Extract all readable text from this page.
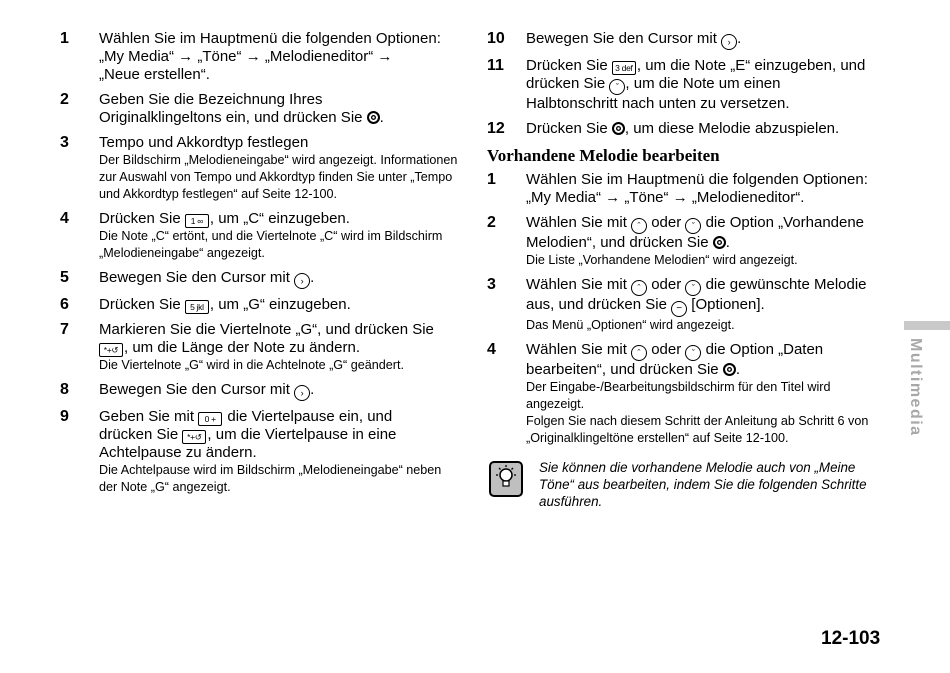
1 Wählen Sie im Hauptmenü die folgenden Optionen:
„My Media“ → „Töne“ → „Melodieneditor“ →
„Neue erstellen“.
2 Geben Sie die Bezeichnung Ihres
Originalklingeltons ein, und drücken Sie .
3 Tempo und Akkordtyp festlegen
Der Bildschirm „Melodieneingabe“ wird angezeigt. Informationen zur Auswahl von Tempo und Akkordtyp finden Sie unter „Tempo und Akkordtyp festlegen“ auf Seite 12-100.
4 Drücken Sie 1 ∞ , um „C“ einzugeben.
Die Note „C“ ertönt, und die Viertelnote „C“ wird im Bildschirm „Melodieneingabe“ angezeigt.
5 Bewegen Sie den Cursor mit › .
6 Drücken Sie 5 jkl , um „G“ einzugeben.
7 Markieren Sie die Viertelnote „G“, und drücken Sie
*+↺ , um die Länge der Note zu ändern.
Die Viertelnote „G“ wird in die Achtelnote „G“ geändert.
8 Bewegen Sie den Cursor mit › .
9 Geben Sie mit 0 + die Viertelpause ein, und
drücken Sie *+↺ , um die Viertelpause in eine
Achtelpause zu ändern.
Die Achtelpause wird im Bildschirm „Melodieneingabe“ neben der Note „G“ angezeigt.
10 Bewegen Sie den Cursor mit › .
11 Drücken Sie 3 def , um die Note „E“ einzugeben, und
drücken Sie ˇ , um die Note um einen
Halbtonschritt nach unten zu versetzen.
12 Drücken Sie , um diese Melodie abzuspielen.
Vorhandene Melodie bearbeiten
1 Wählen Sie im Hauptmenü die folgenden Optionen:
„My Media“ → „Töne“ → „Melodieneditor“.
2 Wählen Sie mit ˆ oder ˇ die Option „Vorhandene
Melodien“, und drücken Sie .
Die Liste „Vorhandene Melodien“ wird angezeigt.
3 Wählen Sie mit ˆ oder ˇ die gewünschte Melodie
aus, und drücken Sie − [Optionen].
Das Menü „Optionen“ wird angezeigt.
4 Wählen Sie mit ˆ oder ˇ die Option „Daten
bearbeiten“, und drücken Sie .
Der Eingabe-/Bearbeitungsbildschirm für den Titel wird angezeigt.
Folgen Sie nach diesem Schritt der Anleitung ab Schritt 6 von „Originalklingeltöne erstellen“ auf Seite 12-100.
Sie können die vorhandene Melodie auch von „Meine Töne“ aus bearbeiten, indem Sie die folgenden Schritte ausführen.
Multimedia
12-103
